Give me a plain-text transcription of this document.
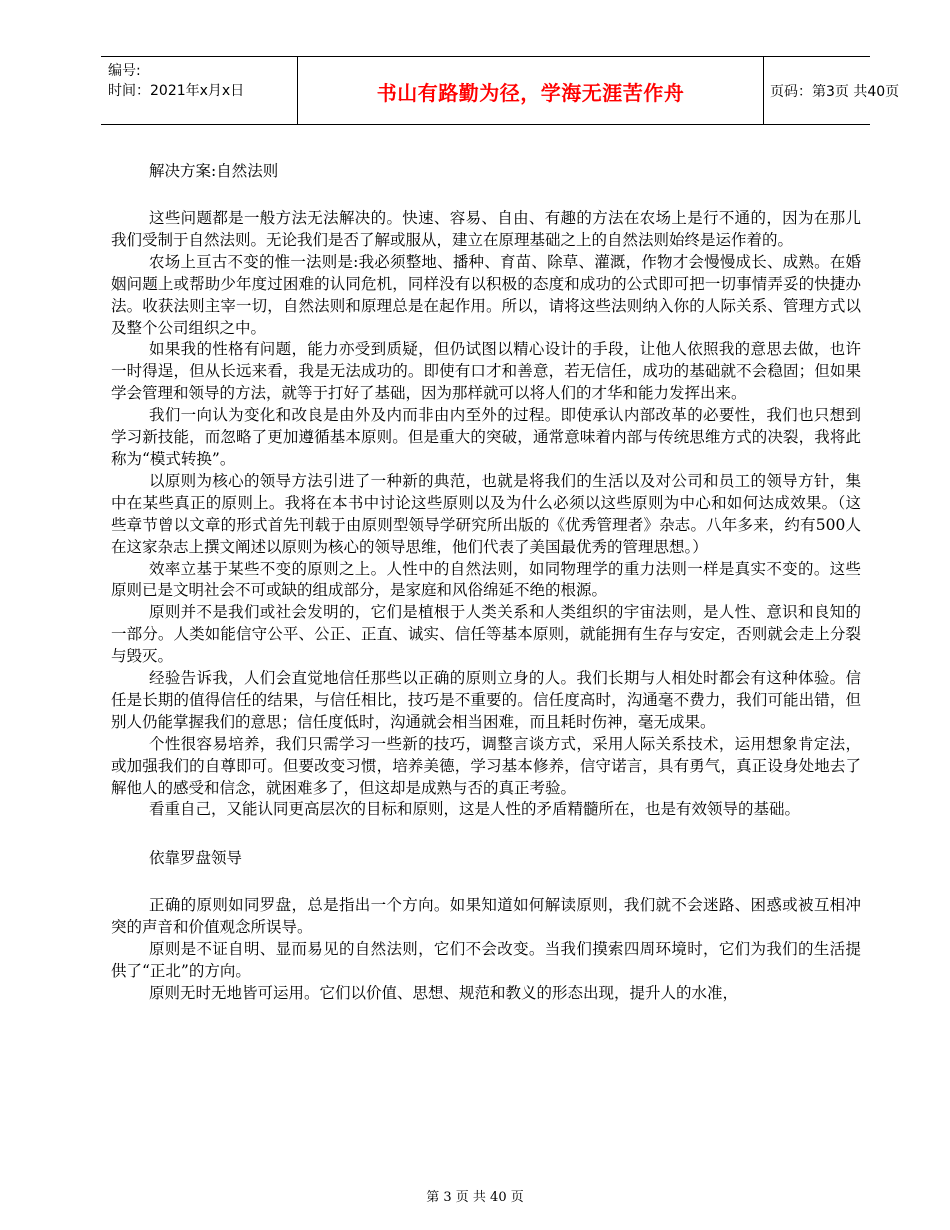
编号:
时间：2021年x月x日	书山有路勤为径，学海无涯苦作舟	页码：第3页 共40页

解决方案:自然法则

这些问题都是一般方法无法解决的。快速、容易、自由、有趣的方法在农场上是行不通的，因为在那儿我们受制于自然法则。无论我们是否了解或服从，建立在原理基础之上的自然法则始终是运作着的。

农场上亘古不变的惟一法则是:我必须整地、播种、育苗、除草、灌溉，作物才会慢慢成长、成熟。在婚姻问题上或帮助少年度过困难的认同危机，同样没有以积极的态度和成功的公式即可把一切事情弄妥的快捷办法。收获法则主宰一切，自然法则和原理总是在起作用。所以，请将这些法则纳入你的人际关系、管理方式以及整个公司组织之中。

如果我的性格有问题，能力亦受到质疑，但仍试图以精心设计的手段，让他人依照我的意思去做，也许一时得逞，但从长远来看，我是无法成功的。即使有口才和善意，若无信任，成功的基础就不会稳固；但如果学会管理和领导的方法，就等于打好了基础，因为那样就可以将人们的才华和能力发挥出来。

我们一向认为变化和改良是由外及内而非由内至外的过程。即使承认内部改革的必要性，我们也只想到学习新技能，而忽略了更加遵循基本原则。但是重大的突破，通常意味着内部与传统思维方式的决裂，我将此称为“模式转换”。

以原则为核心的领导方法引进了一种新的典范，也就是将我们的生活以及对公司和员工的领导方针，集中在某些真正的原则上。我将在本书中讨论这些原则以及为什么必须以这些原则为中心和如何达成效果。（这些章节曾以文章的形式首先刊载于由原则型领导学研究所出版的《优秀管理者》杂志。八年多来，约有500人在这家杂志上撰文阐述以原则为核心的领导思维，他们代表了美国最优秀的管理思想。）

效率立基于某些不变的原则之上。人性中的自然法则，如同物理学的重力法则一样是真实不变的。这些原则已是文明社会不可或缺的组成部分，是家庭和风俗绵延不绝的根源。

原则并不是我们或社会发明的，它们是植根于人类关系和人类组织的宇宙法则，是人性、意识和良知的一部分。人类如能信守公平、公正、正直、诚实、信任等基本原则，就能拥有生存与安定，否则就会走上分裂与毁灭。

经验告诉我，人们会直觉地信任那些以正确的原则立身的人。我们长期与人相处时都会有这种体验。信任是长期的值得信任的结果，与信任相比，技巧是不重要的。信任度高时，沟通毫不费力，我们可能出错，但别人仍能掌握我们的意思；信任度低时，沟通就会相当困难，而且耗时伤神，毫无成果。

个性很容易培养，我们只需学习一些新的技巧，调整言谈方式，采用人际关系技术，运用想象肯定法，或加强我们的自尊即可。但要改变习惯，培养美德，学习基本修养，信守诺言，具有勇气，真正设身处地去了解他人的感受和信念，就困难多了，但这却是成熟与否的真正考验。

看重自己，又能认同更高层次的目标和原则，这是人性的矛盾精髓所在，也是有效领导的基础。

依靠罗盘领导

正确的原则如同罗盘，总是指出一个方向。如果知道如何解读原则，我们就不会迷路、困惑或被互相冲突的声音和价值观念所误导。

原则是不证自明、显而易见的自然法则，它们不会改变。当我们摸索四周环境时，它们为我们的生活提供了“正北”的方向。

原则无时无地皆可运用。它们以价值、思想、规范和教义的形态出现，提升人的水准，

第 3 页 共 40 页
